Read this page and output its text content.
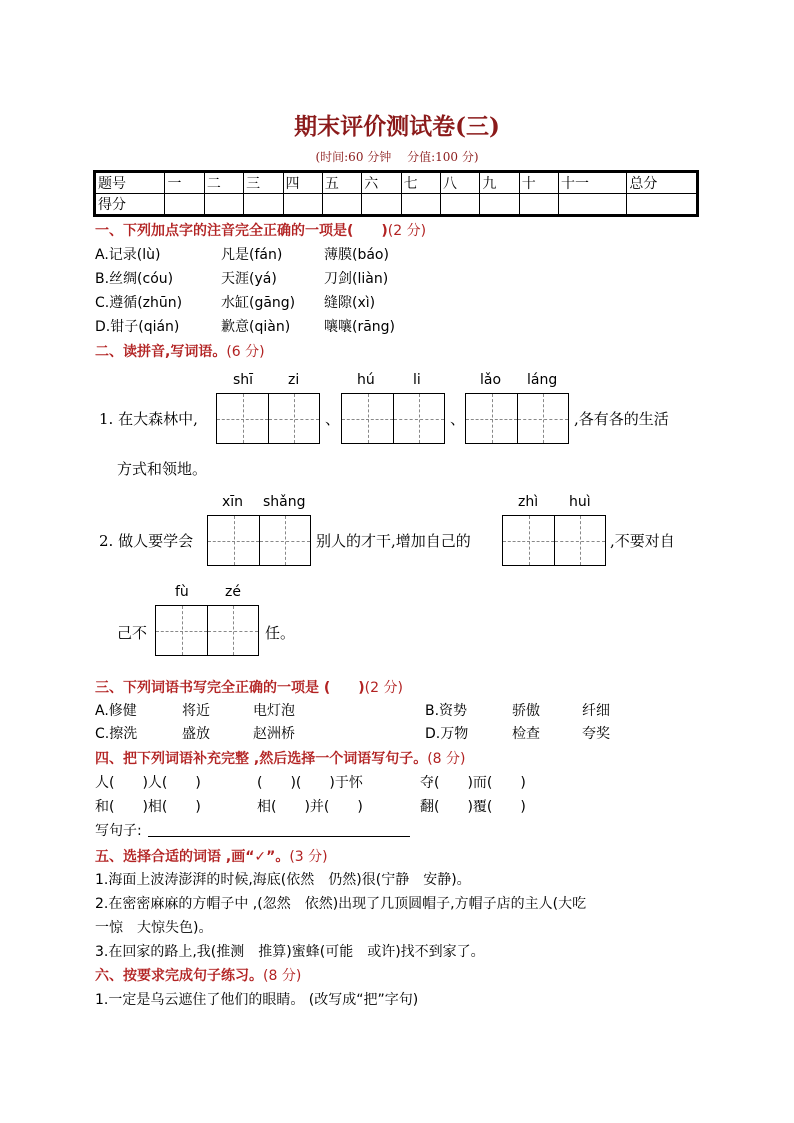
期末评价测试卷(三)
(时间:60 分钟　 分值:100 分)
题号	一	二	三	四	五	六	七	八	九	十	十一	总分
得分												
一、下列加点字的注音完全正确的一项是(　　)(2 分)
A.记录(lù)	凡是(fán)	薄膜(báo)
B.丝绸(cóu)	天涯(yá)	刀剑(liàn)
C.遵循(zhūn)	水缸(gāng) 缝隙(xì)
D.钳子(qián)	歉意(qiàn) 嚷嚷(rāng)
二、读拼音,写词语。(6 分)
shī zi	hú	li	lǎo láng
1. 在大森林中,	、	、	,各有各的生活
方式和领地。
xīn shǎng	zhì huì
2. 做人要学会	别人的才干,增加自己的	,不要对自
fù	zé
己不	任。
三、下列词语书写完全正确的一项是 (　　)(2 分)
A.修健	将近	电灯泡	B.资势	骄傲	纤细
C.擦洗	盛放	赵洲桥	D.万物	检查	夸奖
四、把下列词语补充完整 ,然后选择一个词语写句子。(8 分)
人(　　)人(　　)	(　　)(　　)于怀	夺(　　)而(　　)
和(　　)相(　　)	相(　　)并(　　)	翻(　　)覆(　　)
写句子:
五、选择合适的词语 ,画“✓”。(3 分)
1.海面上波涛澎湃的时候,海底(依然　仍然)很(宁静　安静)。
2.在密密麻麻的方帽子中 ,(忽然　依然)出现了几顶圆帽子,方帽子店的主人(大吃
一惊　大惊失色)。
3.在回家的路上,我(推测　推算)蜜蜂(可能　或许)找不到家了。
六、按要求完成句子练习。(8 分)
1.一定是乌云遮住了他们的眼睛。 (改写成“把”字句)
